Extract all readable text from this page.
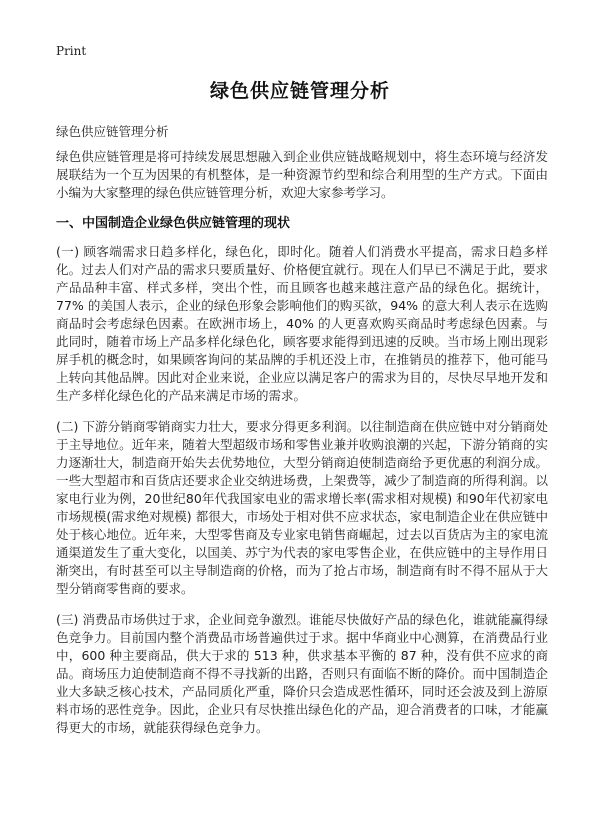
Print
绿色供应链管理分析
绿色供应链管理分析

绿色供应链管理是将可持续发展思想融入到企业供应链战略规划中，将生态环境与经济发展联结为一个互为因果的有机整体，是一种资源节约型和综合利用型的生产方式。下面由小编为大家整理的绿色供应链管理分析，欢迎大家参考学习。

一、中国制造企业绿色供应链管理的现状

(一) 顾客端需求日趋多样化，绿色化，即时化。随着人们消费水平提高，需求日趋多样化。过去人们对产品的需求只要质量好、价格便宜就行。现在人们早已不满足于此，要求产品品种丰富、样式多样，突出个性，而且顾客也越来越注意产品的绿色化。据统计，77% 的美国人表示，企业的绿色形象会影响他们的购买欲，94% 的意大利人表示在选购商品时会考虑绿色因素。在欧洲市场上，40% 的人更喜欢购买商品时考虑绿色因素。与此同时，随着市场上产品多样化绿色化，顾客要求能得到迅速的反映。当市场上刚出现彩屏手机的概念时，如果顾客询问的某品牌的手机还没上市，在推销员的推荐下，他可能马上转向其他品牌。因此对企业来说，企业应以满足客户的需求为目的，尽快尽早地开发和生产多样化绿色化的产品来满足市场的需求。

(二) 下游分销商零销商实力壮大，要求分得更多利润。以往制造商在供应链中对分销商处于主导地位。近年来，随着大型超级市场和零售业兼并收购浪潮的兴起，下游分销商的实力逐渐壮大，制造商开始失去优势地位，大型分销商迫使制造商给予更优惠的利润分成。一些大型超市和百货店还要求企业交纳进场费，上架费等，减少了制造商的所得利润。以家电行业为例，20世纪80年代我国家电业的需求增长率(需求相对规模) 和90年代初家电市场规模(需求绝对规模) 都很大，市场处于相对供不应求状态，家电制造企业在供应链中处于核心地位。近年来，大型零售商及专业家电销售商崛起，过去以百货店为主的家电流通渠道发生了重大变化，以国美、苏宁为代表的家电零售企业，在供应链中的主导作用日渐突出，有时甚至可以主导制造商的价格，而为了抢占市场，制造商有时不得不屈从于大型分销商零售商的要求。

(三) 消费品市场供过于求，企业间竞争激烈。谁能尽快做好产品的绿色化，谁就能赢得绿色竞争力。目前国内整个消费品市场普遍供过于求。据中华商业中心测算，在消费品行业中，600 种主要商品，供大于求的 513 种，供求基本平衡的 87 种，没有供不应求的商品。商场压力迫使制造商不得不寻找新的出路，否则只有面临不断的降价。而中国制造企业大多缺乏核心技术，产品同质化严重，降价只会造成恶性循环，同时还会波及到上游原料市场的恶性竞争。因此，企业只有尽快推出绿色化的产品，迎合消费者的口味，才能赢得更大的市场，就能获得绿色竞争力。
